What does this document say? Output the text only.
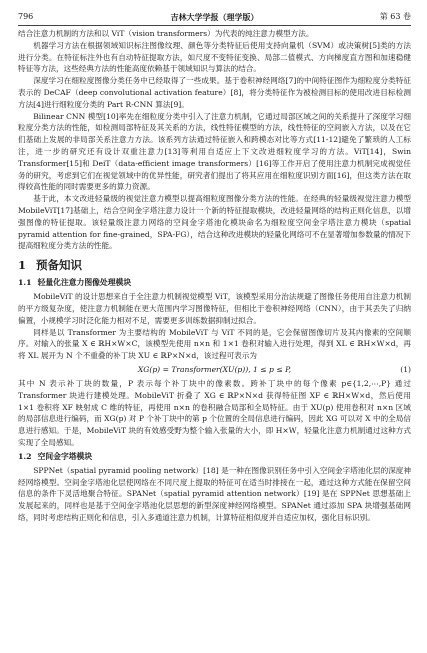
796	吉林大学学报（理学版）	第 63 卷

结合注意力机制的方法和以 ViT（vision transformers）为代表的纯注意力模型方法。

机器学习方法在根据领域知识标注图像纹理、颜色等分类特征后使用支持向量机（SVM）或决策树[5]类的方法进行分类。在特征标注外也有自动特征提取方法，如尺度不变特征变换、局部二值模式、方向梯度直方图和加速稳健特征等方法，这些经典方法的性能高度依赖基于领域知识与算法的结合。

深度学习在细粒度图像分类任务中已经取得了一些成果。基于卷积神经网络[7]的中间特征图作为细粒度分类特征表示的 DeCAF（deep convolutional activation feature）[8]，将分类特征作为被检测目标的使用改进目标检测方法[4]进行细粒度分类的 Part R-CNN 算法[9]。

Bilinear CNN 模型[10]率先在细粒度分类中引入了注意力机制，它通过局部区域之间的关系提升了深度学习细粒度分类方法的性能，如检测局部特征及其关系的方法，线性特征模型的方法，线性特征的空间嵌入方法，以及在它们基础上发展的非局部关系注意力方法。该系列方法通过特征嵌入和跨模态对比等方式[11-12]避免了繁琐的人工标注，进一步的研究还有设计双重注意力[13]等利用自适应上下文改进细粒度学习的方法。ViT[14]，Swin Transformer[15]和 DeiT（data-efficient image transformers）[16]等工作开启了使用注意力机制完成视觉任务的研究，考虑到它们在视觉领域中的优异性能，研究者们提出了将其应用在细粒度识别方面[16]，但这类方法在取得较高性能的同时需要更多的算力资源。

基于此，本文改进轻量级的视觉注意力模型以提高细粒度图像分类方法的性能。在经典的轻量级视觉注意力模型 MobileViT[17]基础上，结合空间金字塔注意力设计一个新的特征提取模块，改进轻量网络的结构正则化信息，以增强图像的特征提取。该轻量级注意力网络的空间金字塔池化模块命名为细粒度空间金字塔注意力模块（spatial pyramid attention for fine-grained，SPA-FG），结合这种改进模块的轻量化网络可不在显著增加参数量的情况下提高细粒度分类方法的性能。

1 预备知识
1.1 轻量化注意力图像处理模块

MobileViT 的设计思想来自于全注意力机制视觉模型 ViT，该模型采用分治法规避了图像任务使用自注意力机制的平方级复杂度，使注意力机制能在更大范围内学习图像特征，但相比于卷积神经网络（CNN），由于其丢失了归纳偏置，小规模学习时泛化能力相对不足，需要更多训练数据抑制过拟合。

同样是以 Transformer 为主要结构的 MobileViT 与 ViT 不同的是，它会保留图像切片及其内像素的空间顺序。对输入的张量 X ∈ ℝH×W×C，该模型先使用 n×n 和 1×1 卷积对输入进行处理，得到 XL ∈ ℝH×W×d，再将 XL 展开为 N 个不重叠的补丁块 XU ∈ ℝP×N×d，该过程可表示为

XG(p) = Transformer(XU(p)), 1 ≤ p ≤ P,	(1)

其中 N 表示补丁块的数量，P 表示每个补丁块中的像素数。跨补丁块中的每个像素 p∈{1,2,⋯,P} 通过 Transformer 块进行建模处理。MobileViT 折叠了 XG ∈ ℝP×N×d 获得特征图 XF ∈ ℝH×W×d，然后使用 1×1 卷积将 XF 映射成 C 维的特征，再使用 n×n 的卷积融合局部和全局特征。由于 XU(p) 使用卷积对 n×n 区域的局部信息进行编码，而 XG(p) 对 P 个补丁块中的第 p 个位置的全局信息进行编码，因此 XG 可以对 X 中的全局信息进行感知。于是，MobileViT 块的有效感受野为整个输入张量的大小，即 H×W，轻量化注意力机制通过这种方式实现了全局感知。

1.2 空间金字塔模块

SPPNet（spatial pyramid pooling network）[18] 是一种在图像识别任务中引入空间金字塔池化层的深度神经网络模型。空间金字塔池化层使网络在不同尺度上提取的特征可在适当时排接在一起，通过这种方式能在保留空间信息的条件下灵活地聚合特征。SPANet（spatial pyramid attention network）[19] 是在 SPPNet 思想基础上发展起来的，同样也是基于空间金字塔池化层思想的新型深度神经网络模型。SPANet 通过添加 SPA 块增强基础网络，同时考虑结构正则化和信息，引入多通道注意力机制，计算特征相似度并自适应加权，强化目标识别。
